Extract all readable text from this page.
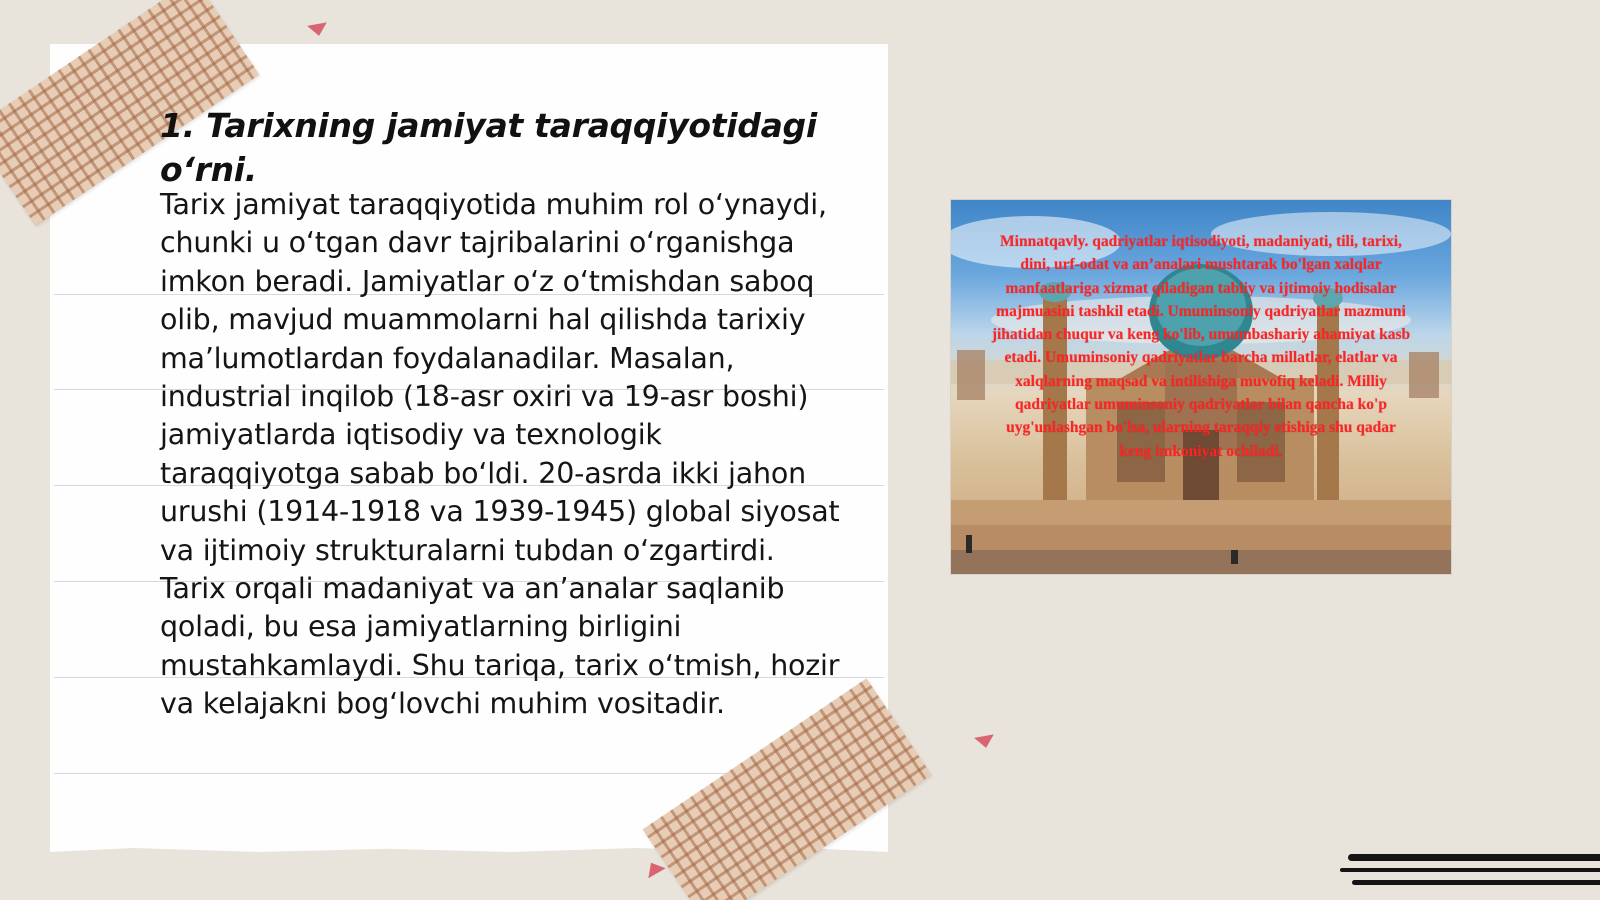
1. Tarixning jamiyat taraqqiyotidagi o‘rni.

Tarix jamiyat taraqqiyotida muhim rol o‘ynaydi, chunki u o‘tgan davr tajribalarini o‘rganishga imkon beradi. Jamiyatlar o‘z o‘tmishdan saboq olib, mavjud muammolarni hal qilishda tarixiy ma’lumotlardan foydalanadilar. Masalan, industrial inqilob (18-asr oxiri va 19-asr boshi) jamiyatlarda iqtisodiy va texnologik taraqqiyotga sabab bo‘ldi. 20-asrda ikki jahon urushi (1914-1918 va 1939-1945) global siyosat va ijtimoiy strukturalarni tubdan o‘zgartirdi. Tarix orqali madaniyat va an’analar saqlanib qoladi, bu esa jamiyatlarning birligini mustahkamlaydi. Shu tariqa, tarix o‘tmish, hozir va kelajakni bog‘lovchi muhim vositadir.

Minnatqavly. qadriyatlar iqtisodiyoti, madaniyati, tili, tarixi, dini, urf-odat va an’analari mushtarak bo'lgan xalqlar manfaatlariga xizmat qiladigan tabiiy va ijtimoiy hodisalar majmuasini tashkil etadi. Umuminsoniy qadriyatlar mazmuni jihatidan chuqur va keng ko'lib, umumbashariy ahamiyat kasb etadi. Umuminsoniy qadriyatlar barcha millatlar, elatlar va xalqlarning maqsad va intilishiga muvofiq keladi. Milliy qadriyatlar umuminsoniy qadriyatlar bilan qancha ko'p uyg'unlashgan bo'lsa, ularning taraqqiy etishiga shu qadar keng imkoniyat ochiladi.
